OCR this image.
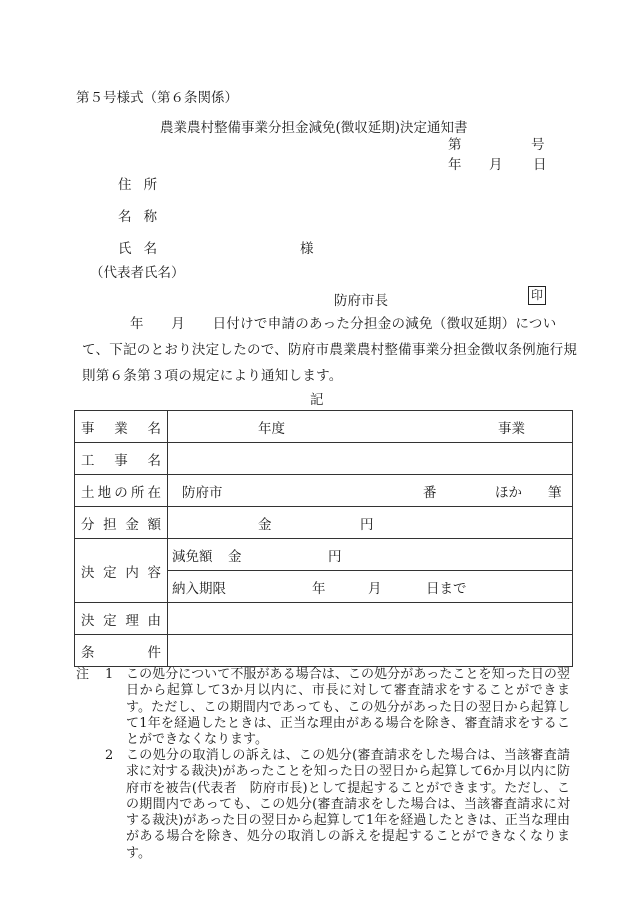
第５号様式（第６条関係）
農業農村整備事業分担金減免(徴収延期)決定通知書
第	号
年 月 日
住所
名称
氏名	様
（代表者氏名）
防府市長	印
年　　月　　日付けで申請のあった分担金の減免（徴収延期）について、下記のとおり決定したので、防府市農業農村整備事業分担金徴収条例施行規則第６条第３項の規定により通知します。
記
事 業 名	年度 事業

工 事 名	

土 地 の 所 在	防府市 番 ほか 筆

分 担 金 額	金 円

決 定 内 容	減免額 金 円

	納入期限 年 月 日まで

決 定 理 由	

条 件	

注 1 この処分について不服がある場合は、この処分があったことを知った日の翌日から起算して3か月以内に、市長に対して審査請求をすることができます。ただし、この期間内であっても、この処分があった日の翌日から起算して1年を経過したときは、正当な理由がある場合を除き、審査請求をすることができなくなります。
2 この処分の取消しの訴えは、この処分(審査請求をした場合は、当該審査請求に対する裁決)があったことを知った日の翌日から起算して6か月以内に防府市を被告(代表者　防府市長)として提起することができます。ただし、この期間内であっても、この処分(審査請求をした場合は、当該審査請求に対する裁決)があった日の翌日から起算して1年を経過したときは、正当な理由がある場合を除き、処分の取消しの訴えを提起することができなくなります。
